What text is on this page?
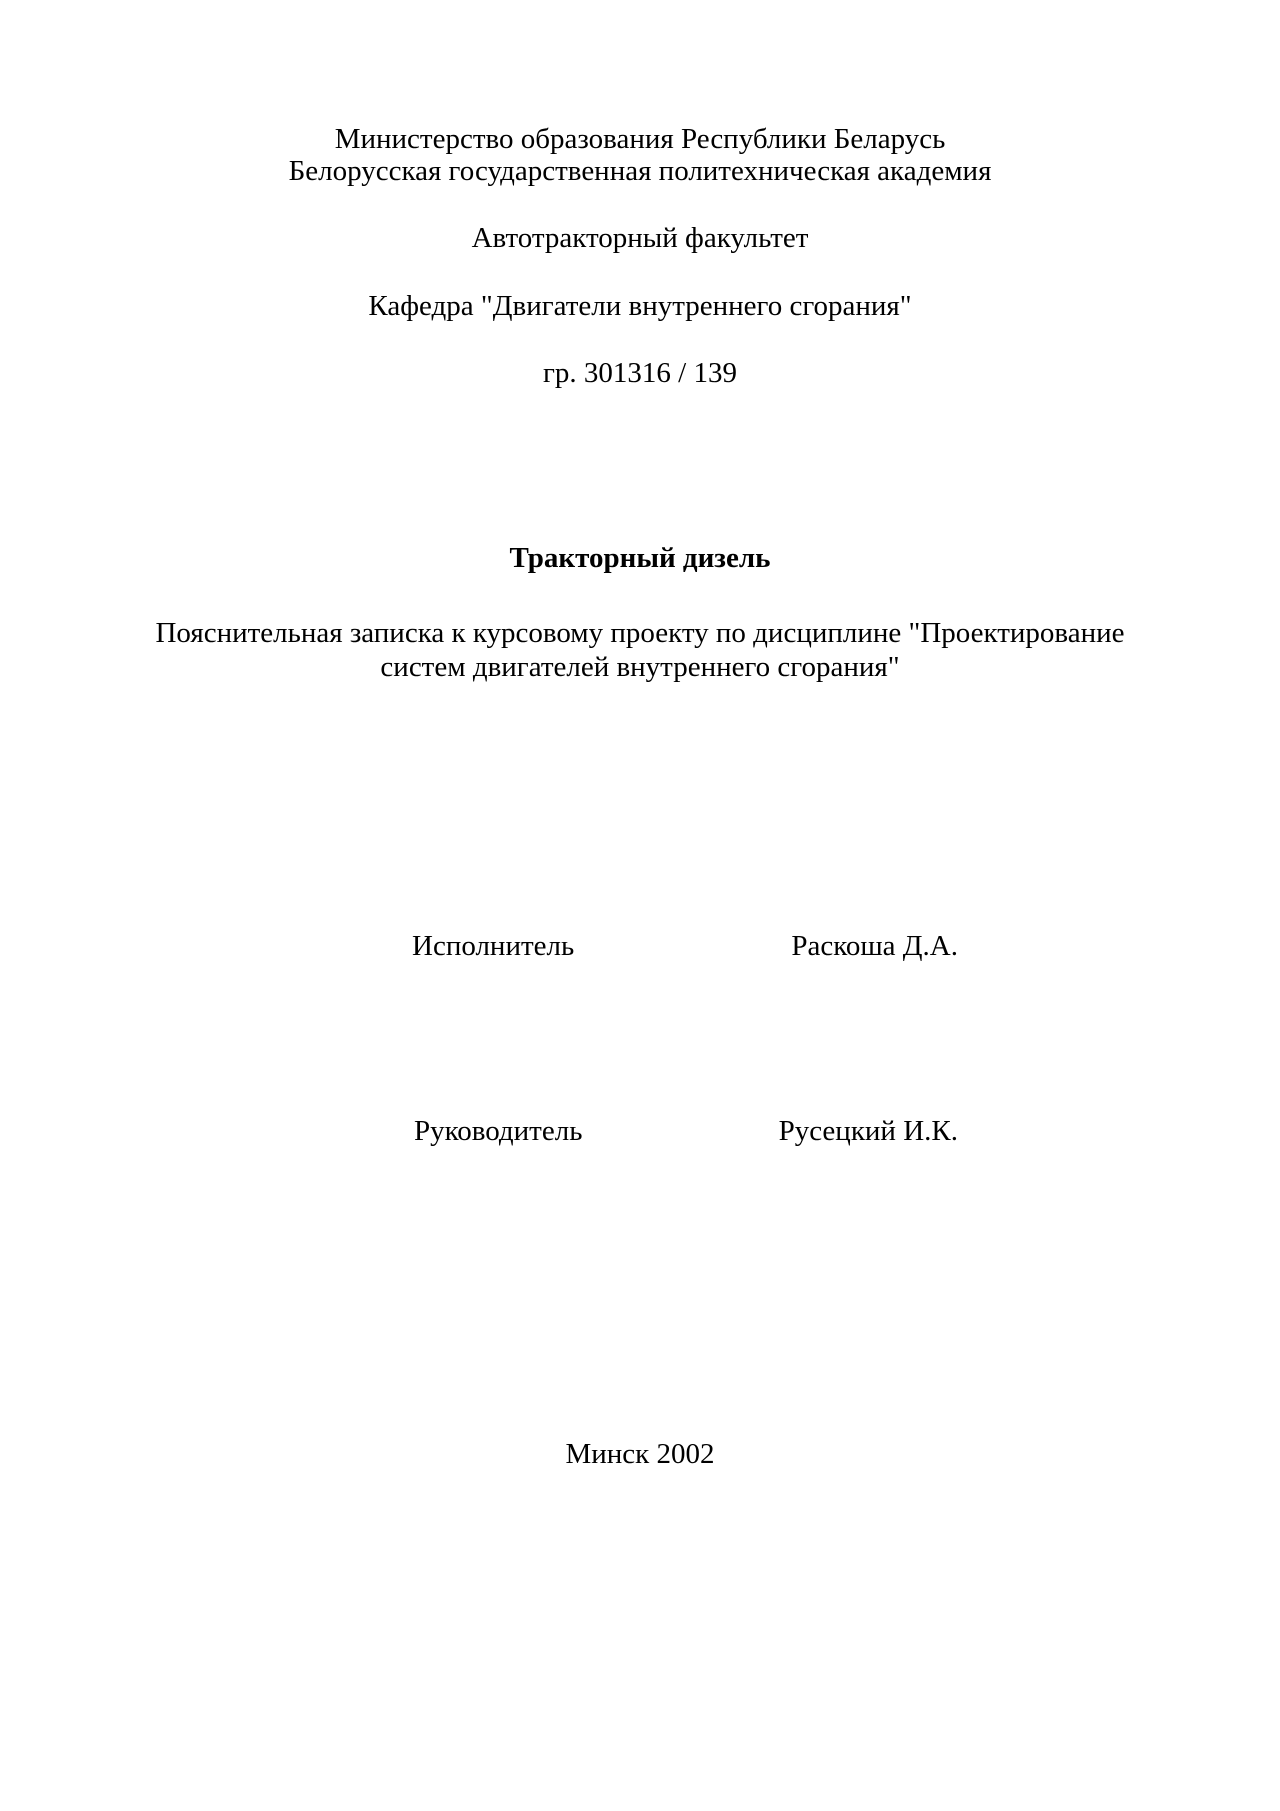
Министерство образования Республики Беларусь
Белорусская государственная политехническая академия
Автотракторный факультет
Кафедра "Двигатели внутреннего сгорания"
гр. 301316 / 139
Тракторный дизель
Пояснительная записка к курсовому проекту по дисциплине "Проектирование
систем двигателей внутреннего сгорания"
Исполнитель	Раскоша Д.А.
Руководитель	Русецкий И.К.
Минск 2002
